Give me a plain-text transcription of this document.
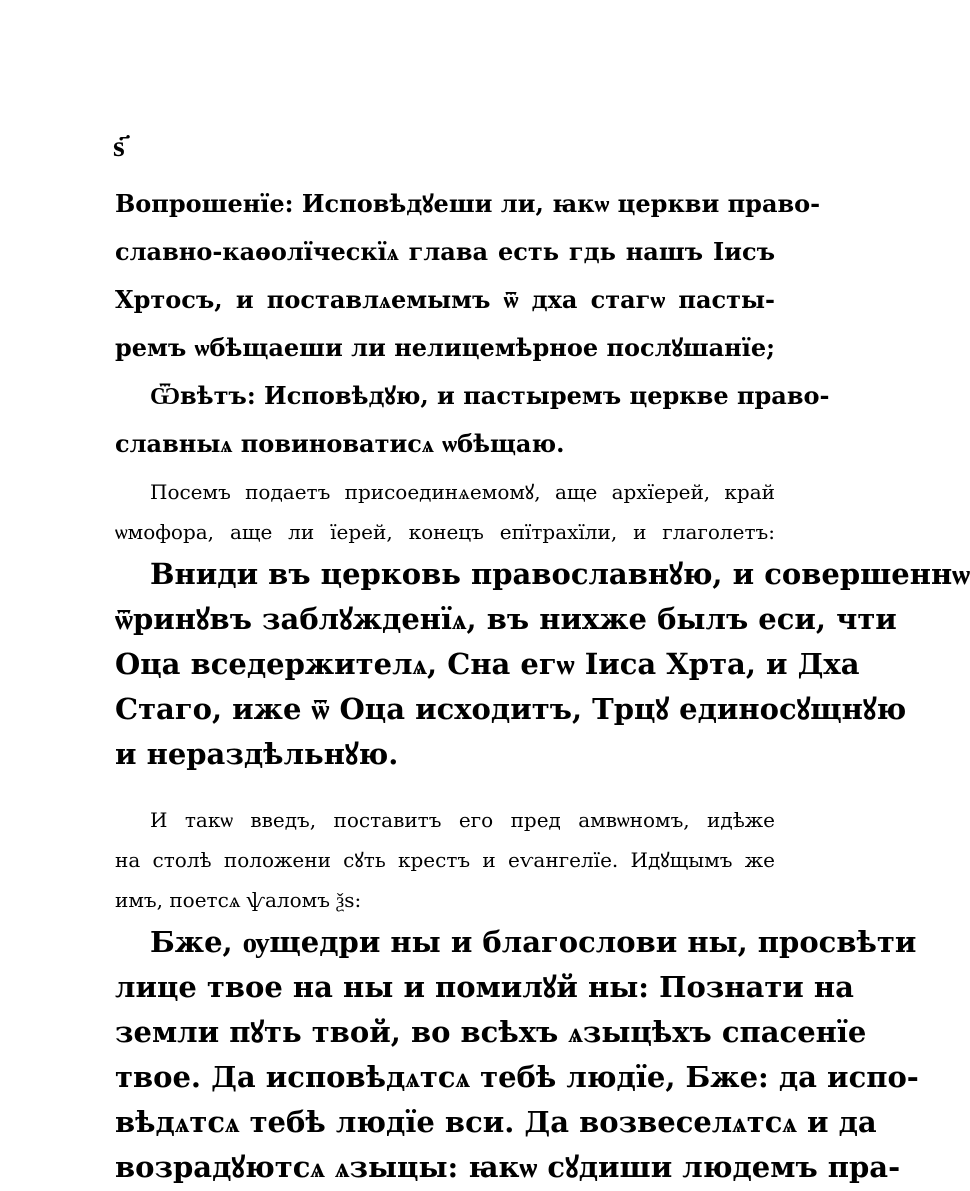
ѕ҃
Вопрошенїе: Исповѣдꙋеши ли, ꙗкѡ церкви право-
славно-каѳолїческїѧ глава есть гдь нашъ Іисъ
Хртосъ, и поставлѧемымъ ѿ дха стагѡ пасты-
ремъ ѡбѣщаеши ли нелицемѣрное послꙋшанїе;
Ѿвѣтъ: Исповѣдꙋю, и пастыремъ церкве право-
славныѧ повиноватисѧ ѡбѣщаю.
Посемъ подаетъ присоединѧемомꙋ, аще архїерей, край
ѡмофора, аще ли їерей, конецъ епїтрахїли, и глаголетъ:
Вниди въ церковь православнꙋю, и совершеннѡ
ѿринꙋвъ заблꙋжденїѧ, въ нихже былъ еси, чти
Оца вседержителѧ, Сна егѡ Іиса Хрта, и Дха
Стаго, иже ѿ Оца исходитъ, Трцꙋ единосꙋщнꙋю
и нераздѣльнꙋю.
И такѡ введъ, поставитъ его пред амвѡномъ, идѣже
на столѣ положени сꙋть крестъ и еѵангелїе. Идꙋщымъ же
имъ, поетсѧ ѱаломъ ѯѕ:
Бже, ѹщедри ны и благослови ны, просвѣти
лице твое на ны и помилꙋй ны: Познати на
земли пꙋть твой, во всѣхъ ѧзыцѣхъ спасенїе
твое. Да исповѣдѧтсѧ тебѣ людїе, Бже: да испо-
вѣдѧтсѧ тебѣ людїе вси. Да возвеселѧтсѧ и да
возрадꙋютсѧ ѧзыцы: ꙗкѡ сꙋдиши людемъ пра-
